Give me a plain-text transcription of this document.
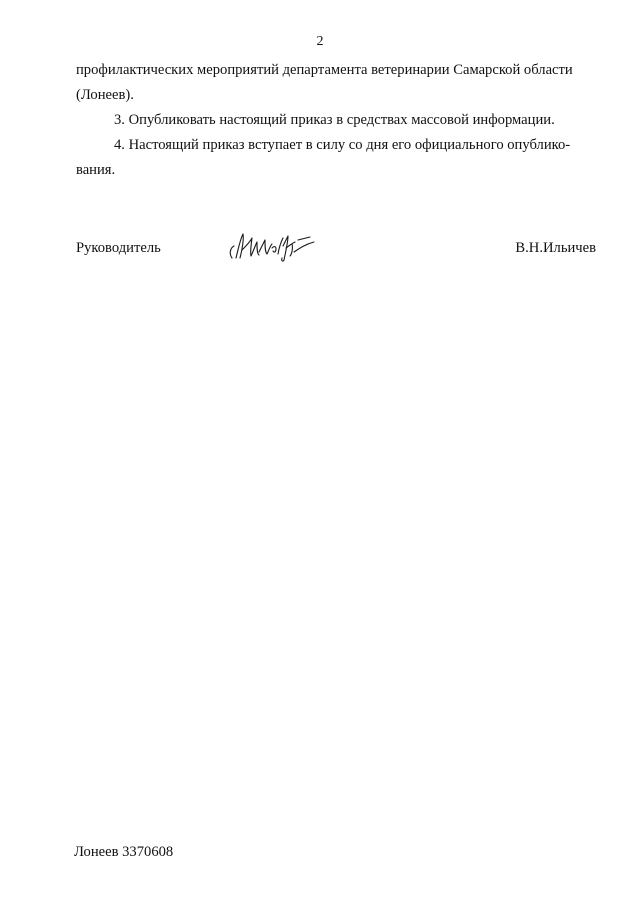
2

профилактических мероприятий департамента ветеринарии Самарской области

(Лонеев).

3. Опубликовать настоящий приказ в средствах массовой информации.

4. Настоящий приказ вступает в силу со дня его официального опублико-

вания.

Руководитель	В.Н.Ильичев
Лонеев 3370608
